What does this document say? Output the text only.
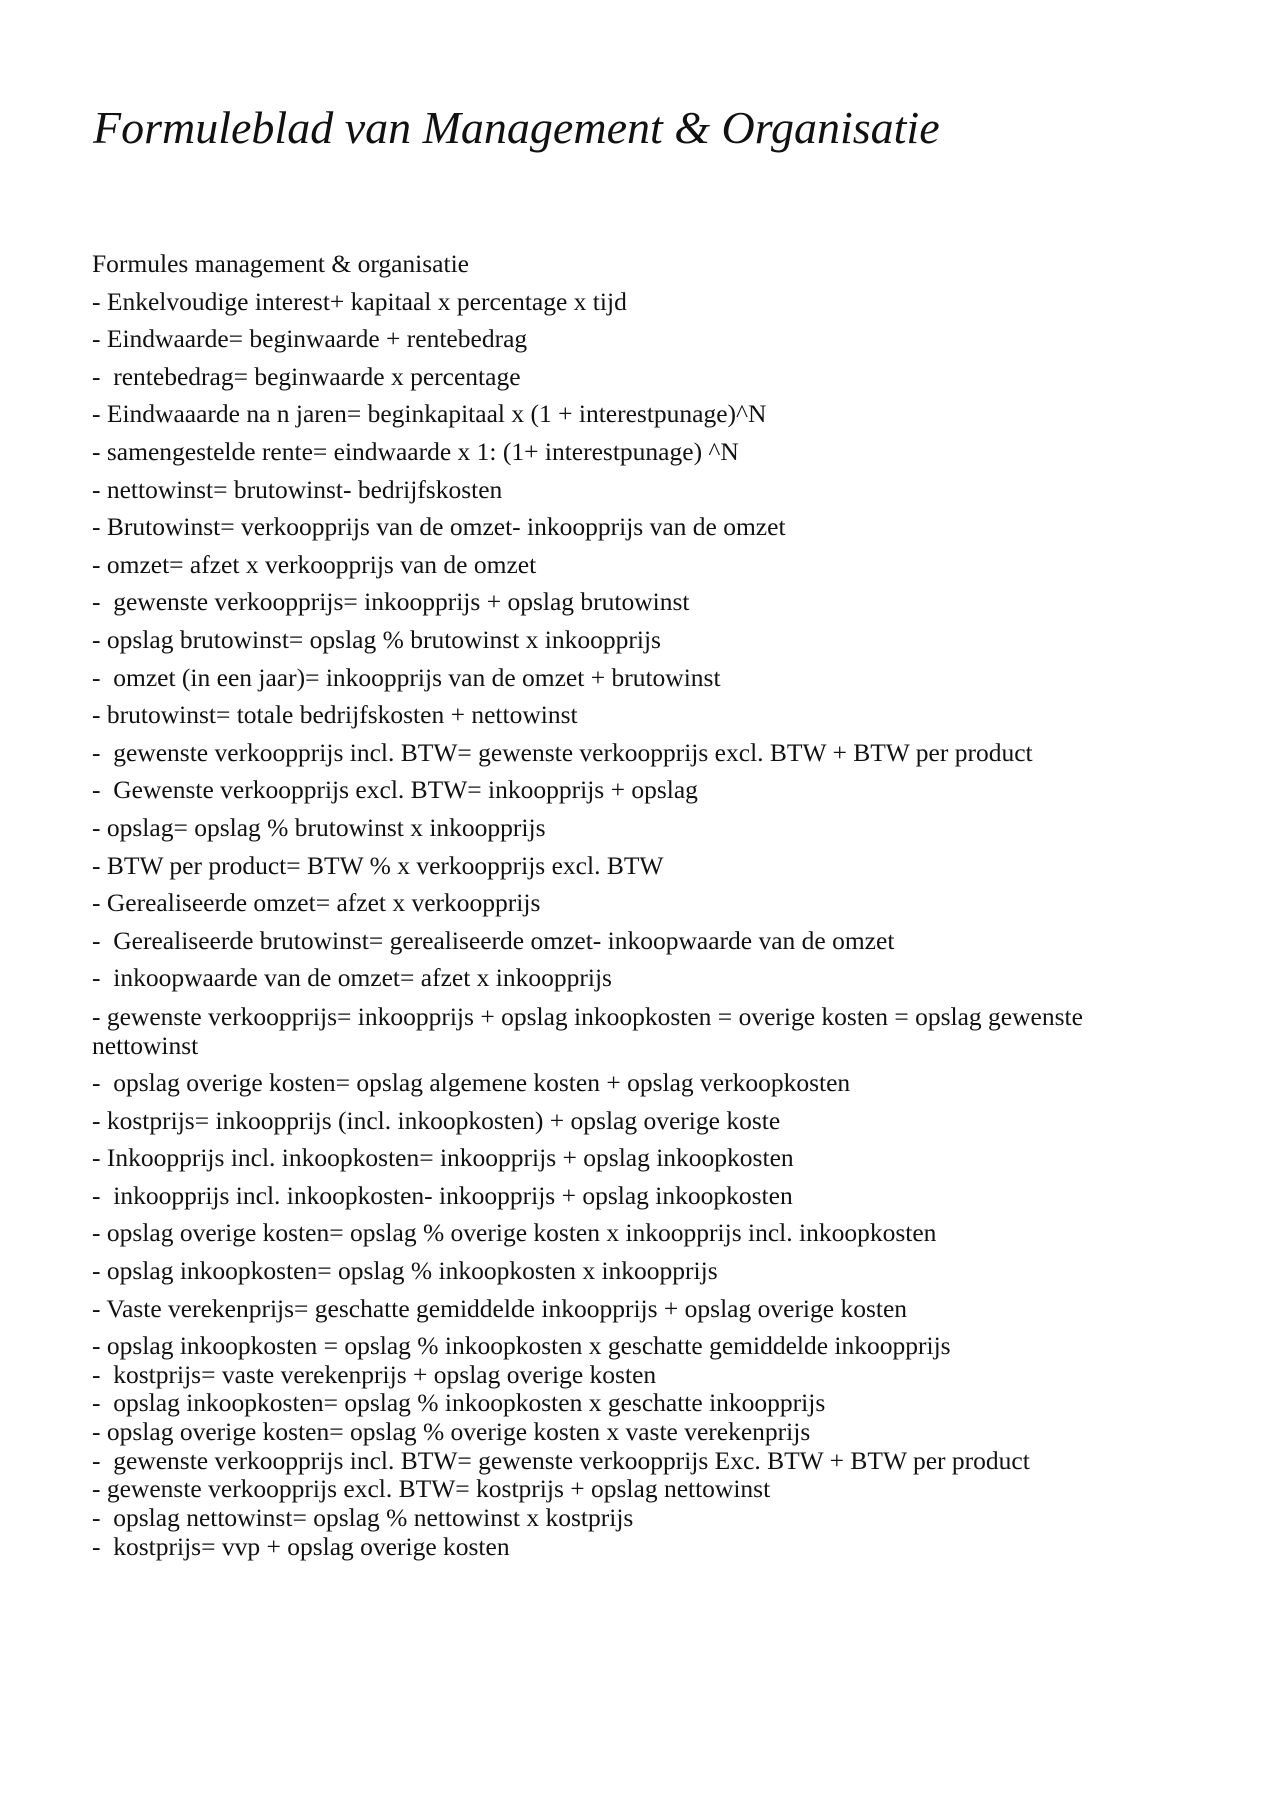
Formuleblad van Management & Organisatie
Formules management & organisatie
- Enkelvoudige interest+ kapitaal x percentage x tijd
- Eindwaarde= beginwaarde + rentebedrag
-  rentebedrag= beginwaarde x percentage
- Eindwaaarde na n jaren= beginkapitaal x (1 + interestpunage)^N
- samengestelde rente= eindwaarde x 1: (1+ interestpunage) ^N
- nettowinst= brutowinst- bedrijfskosten
- Brutowinst= verkoopprijs van de omzet- inkoopprijs van de omzet
- omzet= afzet x verkoopprijs van de omzet
-  gewenste verkoopprijs= inkoopprijs + opslag brutowinst
- opslag brutowinst= opslag % brutowinst x inkoopprijs
-  omzet (in een jaar)= inkoopprijs van de omzet + brutowinst
- brutowinst= totale bedrijfskosten + nettowinst
-  gewenste verkoopprijs incl. BTW= gewenste verkoopprijs excl. BTW + BTW per product
-  Gewenste verkoopprijs excl. BTW= inkoopprijs + opslag
- opslag= opslag % brutowinst x inkoopprijs
- BTW per product= BTW % x verkoopprijs excl. BTW
- Gerealiseerde omzet= afzet x verkoopprijs
-  Gerealiseerde brutowinst= gerealiseerde omzet- inkoopwaarde van de omzet
-  inkoopwaarde van de omzet= afzet x inkoopprijs
- gewenste verkoopprijs= inkoopprijs + opslag inkoopkosten = overige kosten = opslag gewenste nettowinst
-  opslag overige kosten= opslag algemene kosten + opslag verkoopkosten
- kostprijs= inkoopprijs (incl. inkoopkosten) + opslag overige koste
- Inkoopprijs incl. inkoopkosten= inkoopprijs + opslag inkoopkosten
-  inkoopprijs incl. inkoopkosten- inkoopprijs + opslag inkoopkosten
- opslag overige kosten= opslag % overige kosten x inkoopprijs incl. inkoopkosten
- opslag inkoopkosten= opslag % inkoopkosten x inkoopprijs
- Vaste verekenprijs= geschatte gemiddelde inkoopprijs + opslag overige kosten
- opslag inkoopkosten = opslag % inkoopkosten x geschatte gemiddelde inkoopprijs
-  kostprijs= vaste verekenprijs + opslag overige kosten
-  opslag inkoopkosten= opslag % inkoopkosten x geschatte inkoopprijs
- opslag overige kosten= opslag % overige kosten x vaste verekenprijs
-  gewenste verkoopprijs incl. BTW= gewenste verkoopprijs Exc. BTW + BTW per product
- gewenste verkoopprijs excl. BTW= kostprijs + opslag nettowinst
-  opslag nettowinst= opslag % nettowinst x kostprijs
-  kostprijs= vvp + opslag overige kosten
